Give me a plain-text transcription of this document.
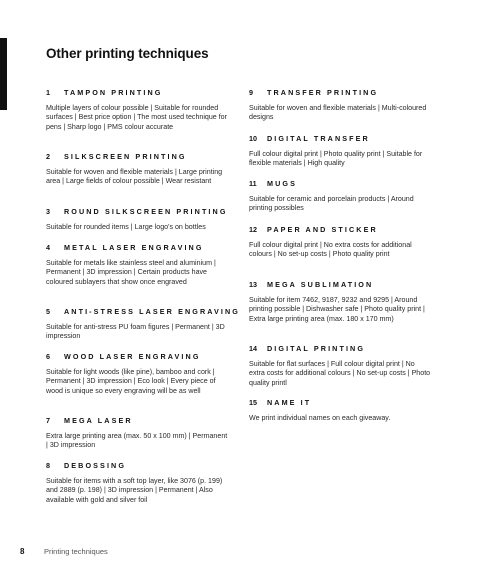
Other printing techniques
1 TAMPON PRINTING
Multiple layers of colour possible | Suitable for rounded surfaces | Best price option | The most used technique for pens | Sharp logo | PMS colour accurate
2 SILKSCREEN PRINTING
Suitable for woven and flexible materials | Large printing area | Large fields of colour possible | Wear resistant
3 ROUND SILKSCREEN PRINTING
Suitable for rounded items | Large logo's on bottles
4 METAL LASER ENGRAVING
Suitable for metals like stainless steel and aluminium | Permanent | 3D impression | Certain products have coloured sublayers that show once engraved
5 ANTI-STRESS LASER ENGRAVING
Suitable for anti-stress PU foam figures | Permanent | 3D impression
6 WOOD LASER ENGRAVING
Suitable for light woods (like pine), bamboo and cork | Permanent | 3D impression | Eco look | Every piece of wood is unique so every engraving will be as well
7 MEGA LASER
Extra large printing area (max. 50 x 100 mm) | Permanent | 3D impression
8 DEBOSSING
Suitable for items with a soft top layer, like 3076 (p. 199) and 2889 (p. 198) | 3D impression | Permanent | Also available with gold and silver foil
9 TRANSFER PRINTING
Suitable for woven and flexible materials | Multi-coloured designs
10 DIGITAL TRANSFER
Full colour digital print | Photo quality print | Suitable for flexible materials | High quality
11 MUGS
Suitable for ceramic and porcelain products | Around printing possibles
12 PAPER AND STICKER
Full colour digital print | No extra costs for additional colours | No set-up costs | Photo quality print
13 MEGA SUBLIMATION
Suitable for item 7462, 9187, 9232 and 9295 | Around printing possible | Dishwasher safe | Photo quality print | Extra large printing area (max. 180 x 170 mm)
14 DIGITAL PRINTING
Suitable for flat surfaces | Full colour digital print | No extra costs for additional colours | No set-up costs | Photo quality printl
15 NAME IT
We print individual names on each giveaway.
8	Printing techniques
